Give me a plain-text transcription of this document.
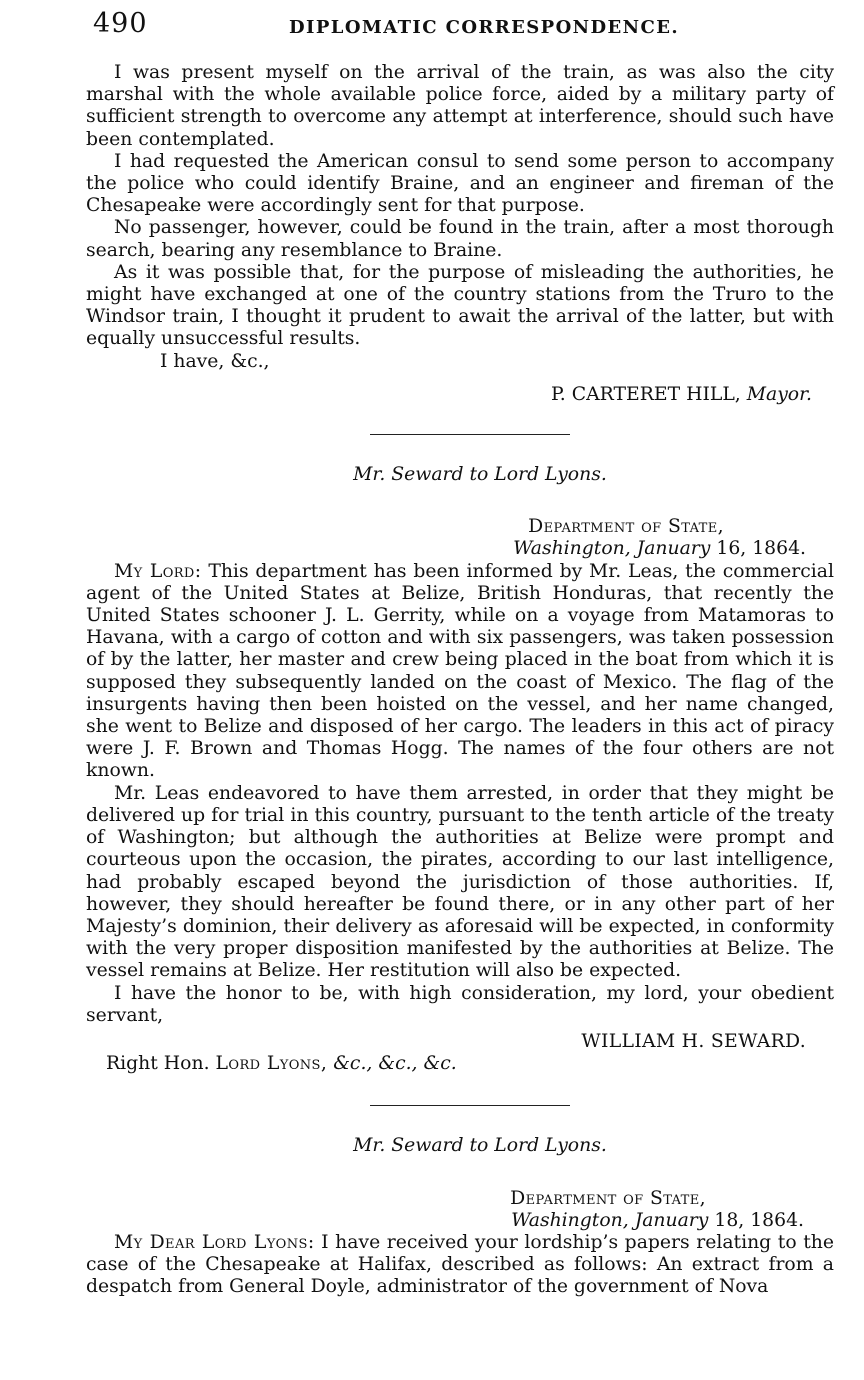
490	DIPLOMATIC CORRESPONDENCE.

I was present myself on the arrival of the train, as was also the city marshal with the whole available police force, aided by a military party of sufficient strength to overcome any attempt at interference, should such have been contemplated.

I had requested the American consul to send some person to accompany the police who could identify Braine, and an engineer and fireman of the Chesapeake were accordingly sent for that purpose.

No passenger, however, could be found in the train, after a most thorough search, bearing any resemblance to Braine.

As it was possible that, for the purpose of misleading the authorities, he might have exchanged at one of the country stations from the Truro to the Windsor train, I thought it prudent to await the arrival of the latter, but with equally unsuccessful results.

I have, &c.,

P. CARTERET HILL, Mayor.
Mr. Seward to Lord Lyons.
Department of State,
Washington, January 16, 1864.

My Lord: This department has been informed by Mr. Leas, the commercial agent of the United States at Belize, British Honduras, that recently the United States schooner J. L. Gerrity, while on a voyage from Matamoras to Havana, with a cargo of cotton and with six passengers, was taken possession of by the latter, her master and crew being placed in the boat from which it is supposed they subsequently landed on the coast of Mexico. The flag of the insurgents having then been hoisted on the vessel, and her name changed, she went to Belize and disposed of her cargo. The leaders in this act of piracy were J. F. Brown and Thomas Hogg. The names of the four others are not known.

Mr. Leas endeavored to have them arrested, in order that they might be delivered up for trial in this country, pursuant to the tenth article of the treaty of Washington; but although the authorities at Belize were prompt and courteous upon the occasion, the pirates, according to our last intelligence, had probably escaped beyond the jurisdiction of those authorities. If, however, they should hereafter be found there, or in any other part of her Majesty’s dominion, their delivery as aforesaid will be expected, in conformity with the very proper disposition manifested by the authorities at Belize. The vessel remains at Belize. Her restitution will also be expected.

I have the honor to be, with high consideration, my lord, your obedient servant,

WILLIAM H. SEWARD.

Right Hon. Lord Lyons, &c., &c., &c.

Mr. Seward to Lord Lyons.
Department of State,
Washington, January 18, 1864.

My Dear Lord Lyons: I have received your lordship’s papers relating to the case of the Chesapeake at Halifax, described as follows: An extract from a despatch from General Doyle, administrator of the government of Nova
